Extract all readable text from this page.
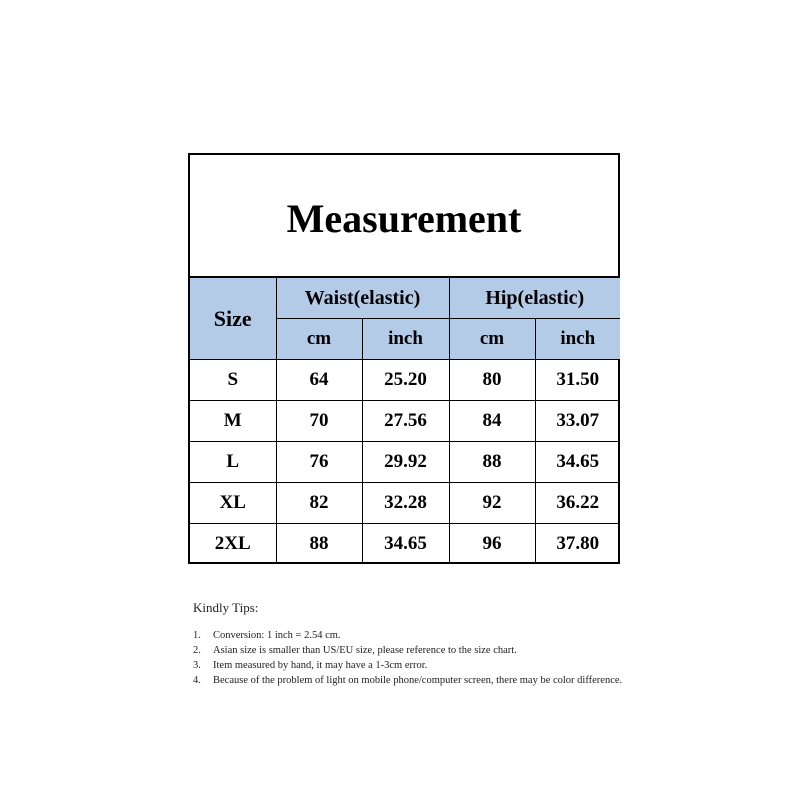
Measurement
Size	Waist(elastic)		Hip(elastic)	
	cm	inch	cm	inch
S	64	25.20	80	31.50
M	70	27.56	84	33.07
L	76	29.92	88	34.65
XL	82	32.28	92	36.22
2XL	88	34.65	96	37.80
Kindly Tips:
1.	Conversion: 1 inch = 2.54 cm.
2.	Asian size is smaller than US/EU size, please reference to the size chart.
3.	Item measured by hand, it may have a 1-3cm error.
4.	Because of the problem of light on mobile phone/computer screen, there may be color difference.
